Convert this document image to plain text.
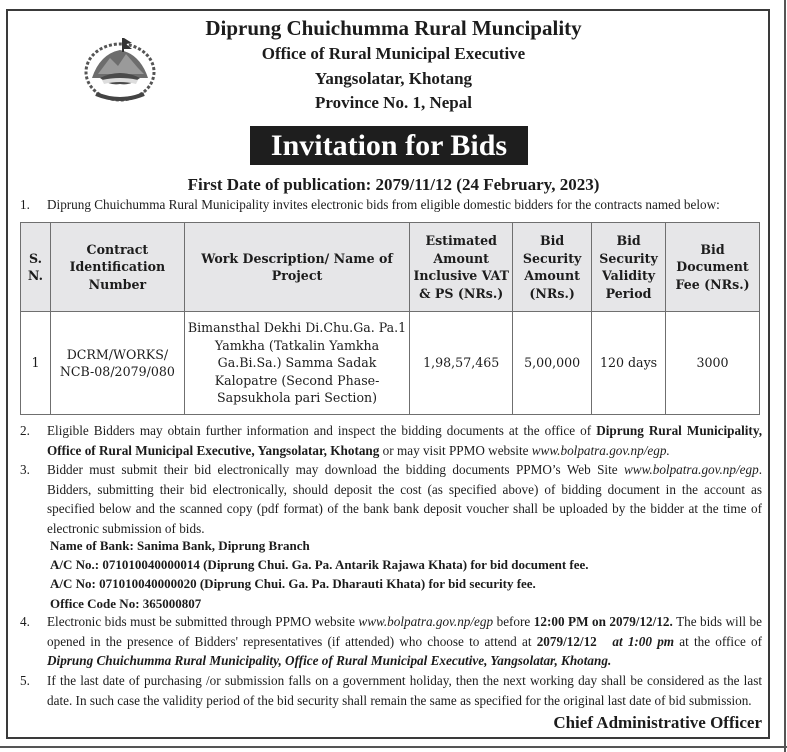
Diprung Chuichumma Rural Muncipality
Office of Rural Municipal Executive
Yangsolatar, Khotang
Province No. 1, Nepal
Invitation for Bids
First Date of publication: 2079/11/12 (24 February, 2023)
1. Diprung Chuichumma Rural Municipality invites electronic bids from eligible domestic bidders for the contracts named below:
S. N.	Contract Identification Number	Work Description/ Name of Project	Estimated Amount Inclusive VAT & PS (NRs.)	Bid Security Amount (NRs.)	Bid Security Validity Period	Bid Document Fee (NRs.)
1	DCRM/WORKS/ NCB-08/2079/080	Bimansthal Dekhi Di.Chu.Ga. Pa.1 Yamkha (Tatkalin Yamkha Ga.Bi.Sa.) Samma Sadak Kalopatre (Second Phase- Sapsukhola pari Section)	1,98,57,465	5,00,000	120 days	3000
2. Eligible Bidders may obtain further information and inspect the bidding documents at the office of Diprung Rural Municipality, Office of Rural Municipal Executive, Yangsolatar, Khotang or may visit PPMO website www.bolpatra.gov.np/egp.
3. Bidder must submit their bid electronically may download the bidding documents PPMO’s Web Site www.bolpatra.gov.np/egp. Bidders, submitting their bid electronically, should deposit the cost (as specified above) of bidding document in the account as specified below and the scanned copy (pdf format) of the bank bank deposit voucher shall be uploaded by the bidder at the time of electronic submission of bids.
Name of Bank: Sanima Bank, Diprung Branch
A/C No.: 071010040000014 (Diprung Chui. Ga. Pa. Antarik Rajawa Khata) for bid document fee.
A/C No: 071010040000020 (Diprung Chui. Ga. Pa. Dharauti Khata) for bid security fee.
Office Code No: 365000807
4. Electronic bids must be submitted through PPMO website www.bolpatra.gov.np/egp before 12:00 PM on 2079/12/12. The bids will be opened in the presence of Bidders' representatives (if attended) who choose to attend at 2079/12/12   at 1:00 pm at the office of Diprung Chuichumma Rural Municipality, Office of Rural Municipal Executive, Yangsolatar, Khotang.
5. If the last date of purchasing /or submission falls on a government holiday, then the next working day shall be considered as the last date. In such case the validity period of the bid security shall remain the same as specified for the original last date of bid submission.
Chief Administrative Officer
